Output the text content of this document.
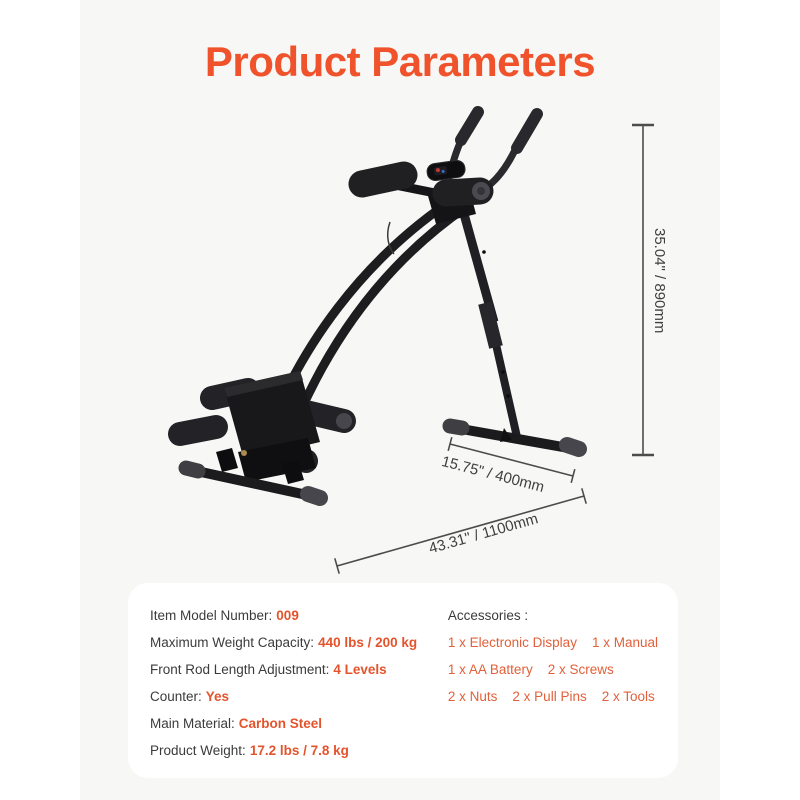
Product Parameters
35.04" / 890mm
15.75" / 400mm
43.31" / 1100mm
Item Model Number: 009
Maximum Weight Capacity: 440 lbs / 200 kg
Front Rod Length Adjustment: 4 Levels
Counter: Yes
Main Material: Carbon Steel
Product Weight: 17.2 lbs / 7.8 kg
Accessories :
1 x Electronic Display 1 x Manual
1 x AA Battery 2 x Screws
2 x Nuts 2 x Pull Pins 2 x Tools
